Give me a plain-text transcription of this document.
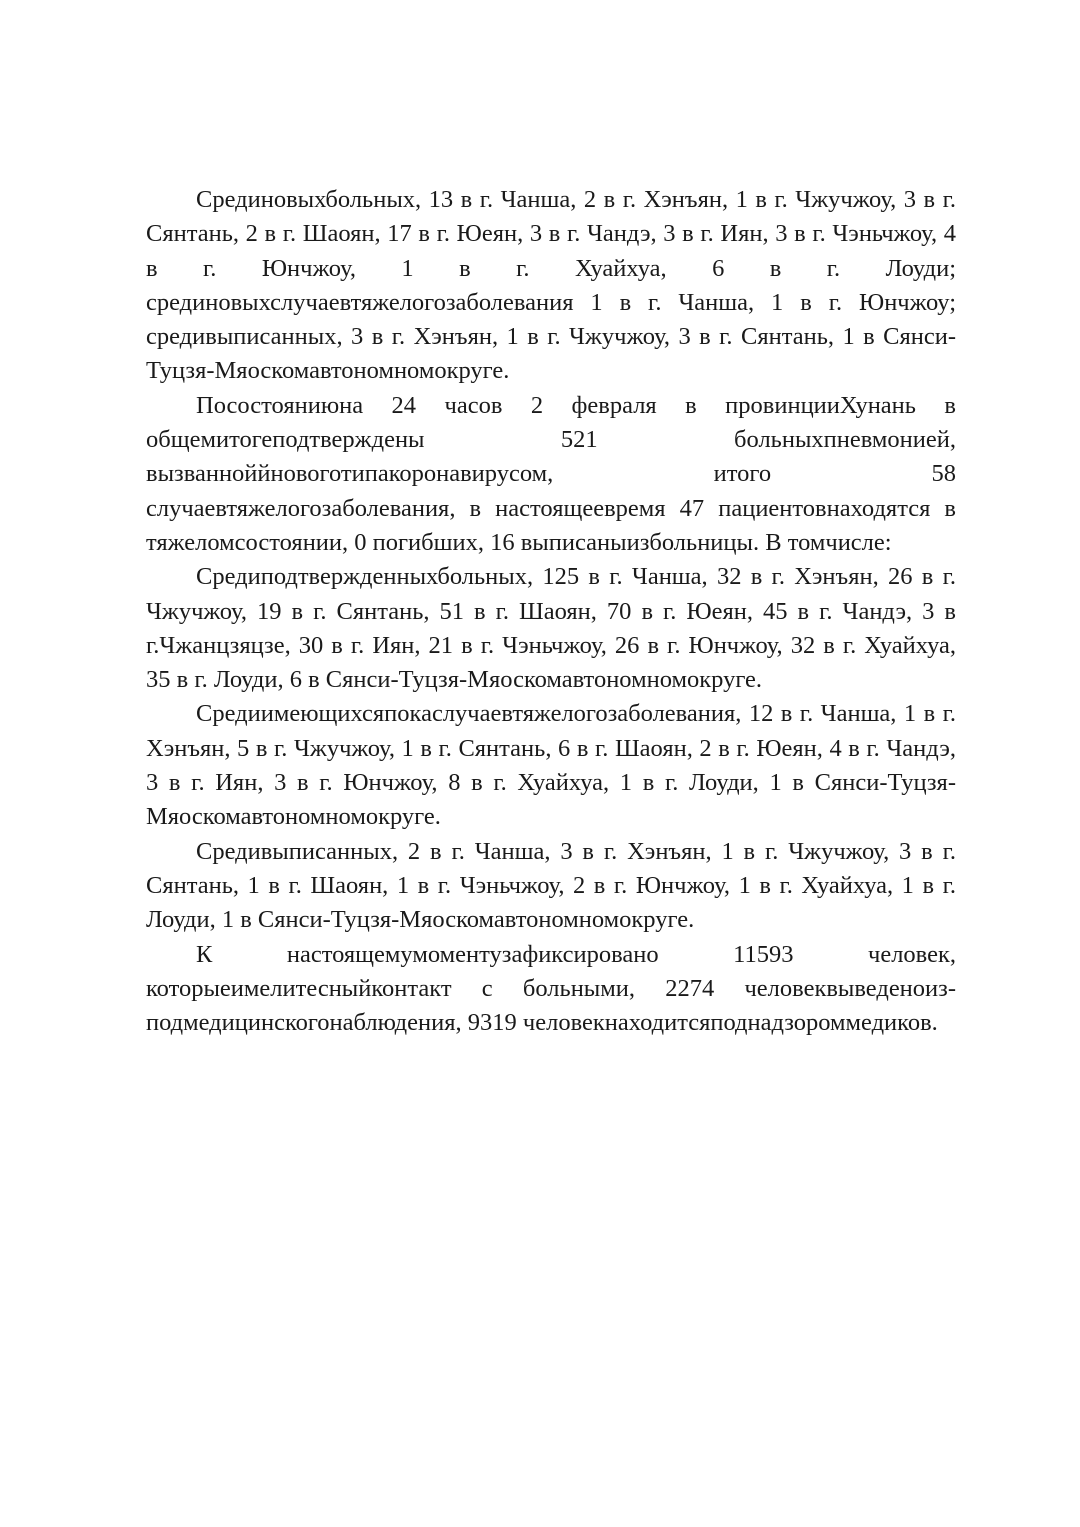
Срединовыхбольных, 13 в г. Чанша, 2 в г. Хэнъян, 1 в г. Чжучжоу, 3 в г. Сянтань, 2 в г. Шаоян, 17 в г. Юеян, 3 в г. Чандэ, 3 в г. Иян, 3 в г. Чэньчжоу, 4 в г. Юнчжоу, 1 в г. Хуайхуа, 6 в г. Лоуди; срединовыхслучаевтяжелогозаболевания 1 в г. Чанша, 1 в г. Юнчжоу; средивыписанных, 3 в г. Хэнъян, 1 в г. Чжучжоу, 3 в г. Сянтань, 1 в Сянси-Туцзя-Мяоскомавтономномокруге.

Посостояниюна 24 часов 2 февраля в провинцииХунань в общемитогеподтверждены 521 больныхпневмонией, вызванноййновоготипакоронавирусом, итого 58 случаевтяжелогозаболевания, в настоящеевремя 47 пациентовнаходятся в тяжеломсостоянии, 0 погибших, 16 выписаныизбольницы. В томчисле:

Средиподтвержденныхбольных, 125 в г. Чанша, 32 в г. Хэнъян, 26 в г. Чжучжоу, 19 в г. Сянтань, 51 в г. Шаоян, 70 в г. Юеян, 45 в г. Чандэ, 3 в г.Чжанцзяцзе, 30 в г. Иян, 21 в г. Чэньчжоу, 26 в г. Юнчжоу, 32 в г. Хуайхуа, 35 в г. Лоуди, 6 в Сянси-Туцзя-Мяоскомавтономномокруге.

Средиимеющихсяпокаслучаевтяжелогозаболевания, 12 в г. Чанша, 1 в г. Хэнъян, 5 в г. Чжучжоу, 1 в г. Сянтань, 6 в г. Шаоян, 2 в г. Юеян, 4 в г. Чандэ, 3 в г. Иян, 3 в г. Юнчжоу, 8 в г. Хуайхуа, 1 в г. Лоуди, 1 в Сянси-Туцзя-Мяоскомавтономномокруге.

Средивыписанных, 2 в г. Чанша, 3 в г. Хэнъян, 1 в г. Чжучжоу, 3 в г. Сянтань, 1 в г. Шаоян, 1 в г. Чэньчжоу, 2 в г. Юнчжоу, 1 в г. Хуайхуа, 1 в г. Лоуди, 1 в Сянси-Туцзя-Мяоскомавтономномокруге.

К настоящемумоментузафиксировано 11593 человек, которыеимелитесныйконтакт с больными, 2274 человеквыведеноиз-подмедицинскогонаблюдения, 9319 человекнаходитсяподнадзороммедиков.
